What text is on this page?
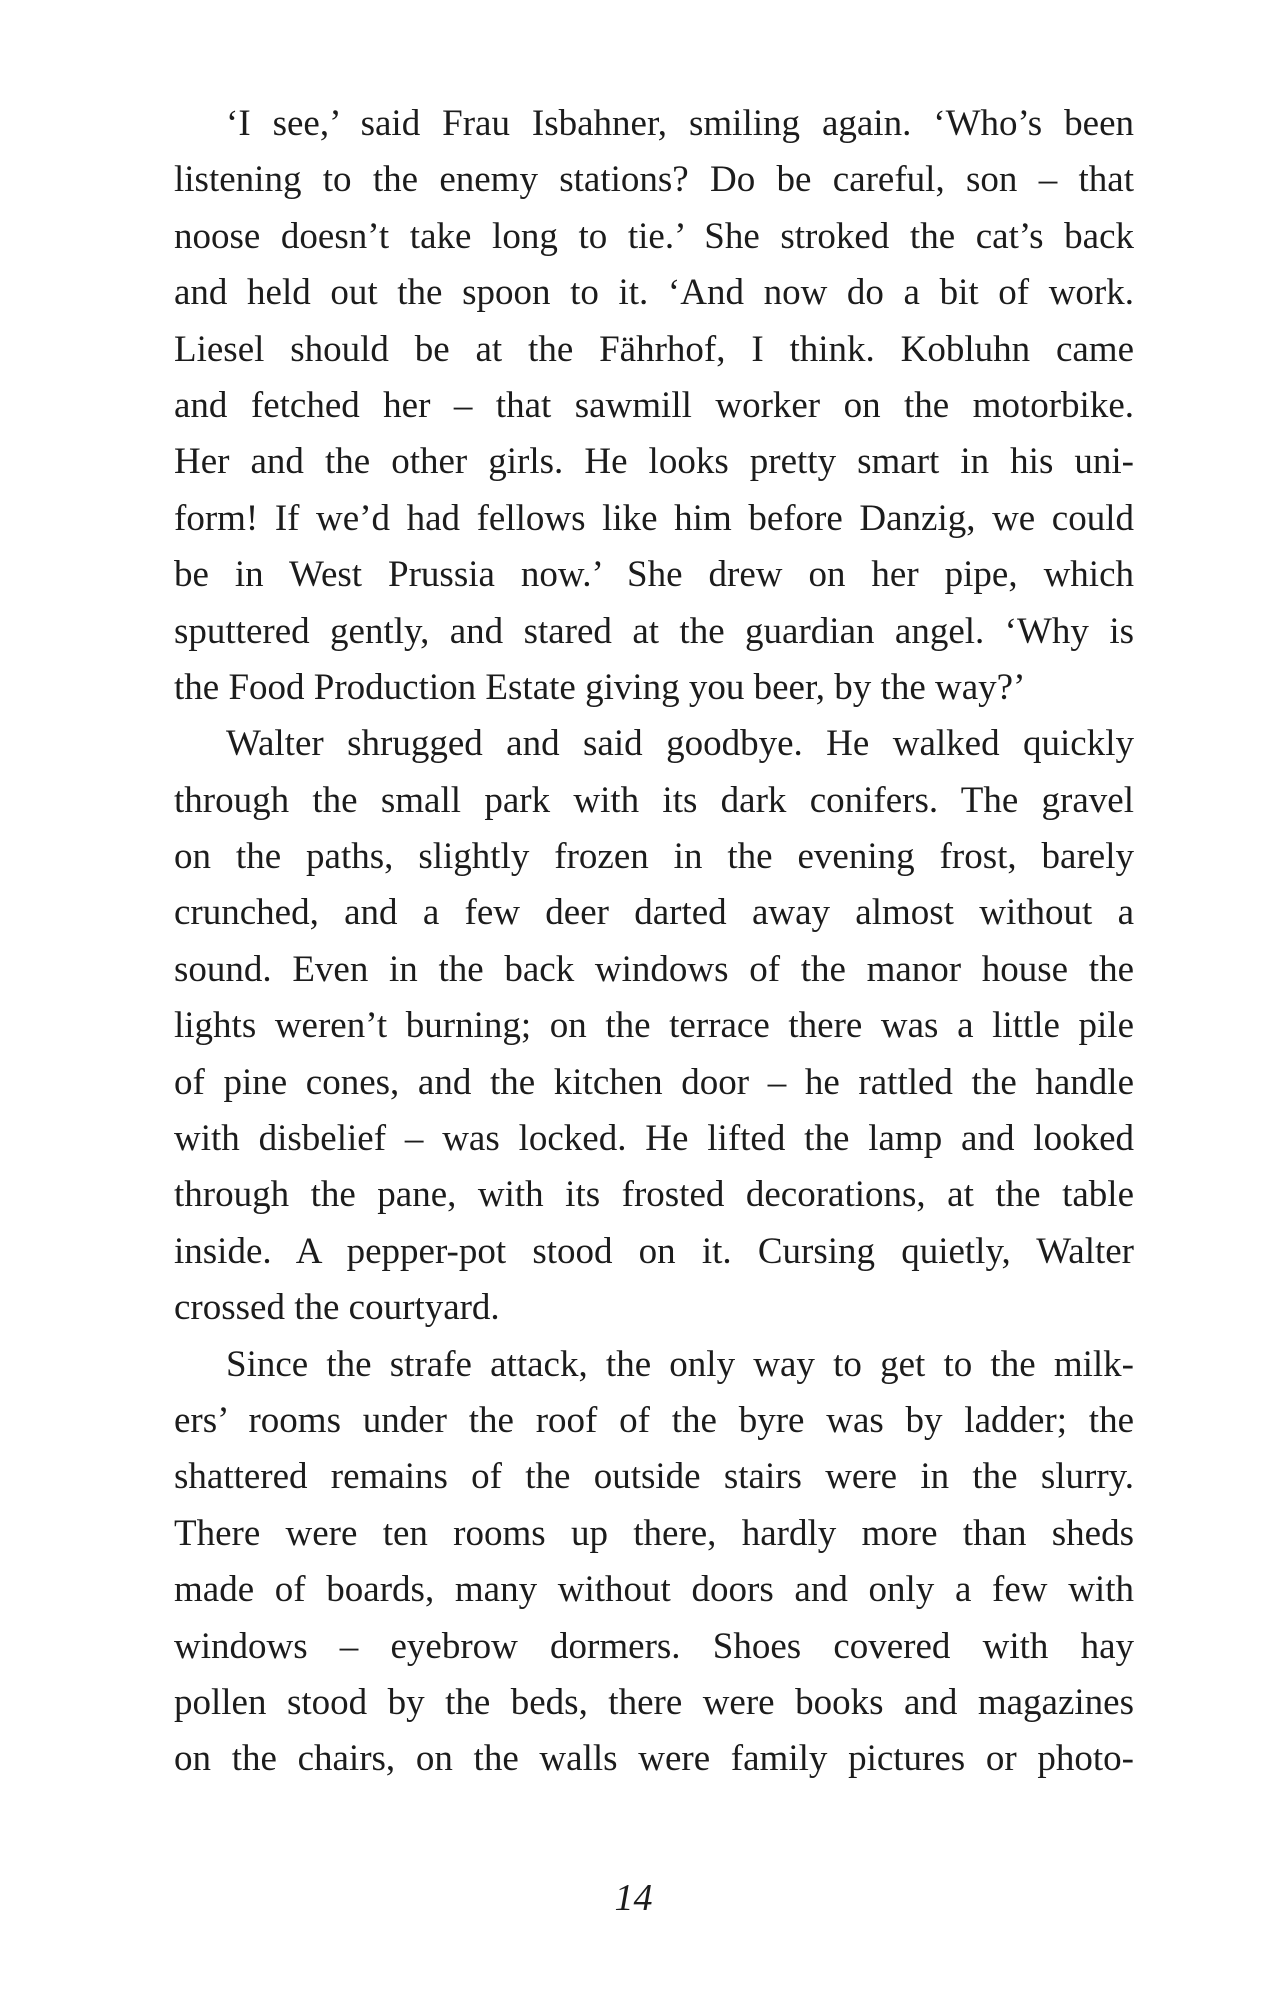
‘I see,’ said Frau Isbahner, smiling again. ‘Who’s been
listening to the enemy stations? Do be careful, son – that
noose doesn’t take long to tie.’ She stroked the cat’s back
and held out the spoon to it. ‘And now do a bit of work.
Liesel should be at the Fährhof, I think. Kobluhn came
and fetched her – that sawmill worker on the motorbike.
Her and the other girls. He looks pretty smart in his uni-
form! If we’d had fellows like him before Danzig, we could
be in West Prussia now.’ She drew on her pipe, which
sputtered gently, and stared at the guardian angel. ‘Why is
the Food Production Estate giving you beer, by the way?’
Walter shrugged and said goodbye. He walked quickly
through the small park with its dark conifers. The gravel
on the paths, slightly frozen in the evening frost, barely
crunched, and a few deer darted away almost without a
sound. Even in the back windows of the manor house the
lights weren’t burning; on the terrace there was a little pile
of pine cones, and the kitchen door – he rattled the handle
with disbelief – was locked. He lifted the lamp and looked
through the pane, with its frosted decorations, at the table
inside. A pepper-pot stood on it. Cursing quietly, Walter
crossed the courtyard.
Since the strafe attack, the only way to get to the milk-
ers’ rooms under the roof of the byre was by ladder; the
shattered remains of the outside stairs were in the slurry.
There were ten rooms up there, hardly more than sheds
made of boards, many without doors and only a few with
windows – eyebrow dormers. Shoes covered with hay
pollen stood by the beds, there were books and magazines
on the chairs, on the walls were family pictures or photo-
14
